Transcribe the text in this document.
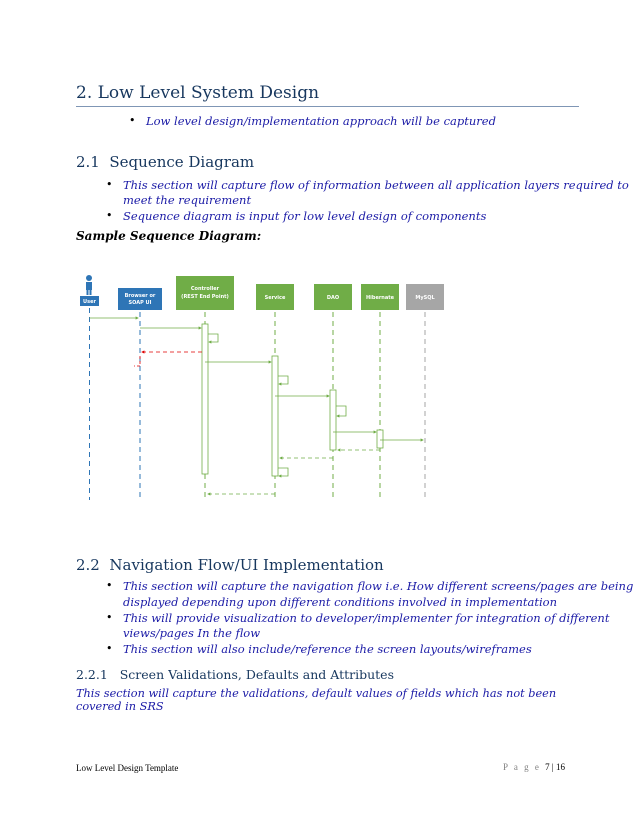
2. Low Level System Design
• Low level design/implementation approach will be captured
2.1 Sequence Diagram
• This section will capture flow of information between all application layers required to
meet the requirement
• Sequence diagram is input for low level design of components
Sample Sequence Diagram:
User
Browser or
SOAP UI
Controller
(REST End Point)	Service	DAO	Hibernate	MySQL
2.2 Navigation Flow/UI Implementation
• This section will capture the navigation flow i.e. How different screens/pages are being
displayed depending upon different conditions involved in implementation
• This will provide visualization to developer/implementer for integration of different
views/pages In the flow
• This section will also include/reference the screen layouts/wireframes
2.2.1 Screen Validations, Defaults and Attributes
This section will capture the validations, default values of fields which has not been covered in SRS
Low Level Design Template	P a g e 7 | 16
